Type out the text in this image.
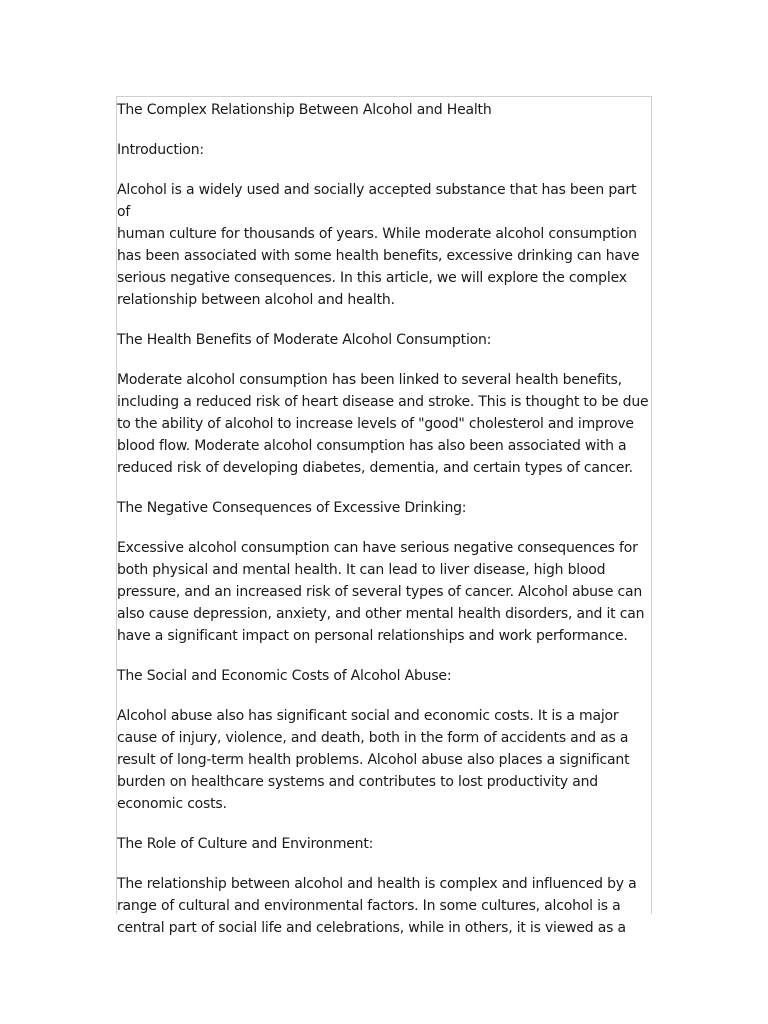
The Complex Relationship Between Alcohol and Health

Introduction:

Alcohol is a widely used and socially accepted substance that has been part of
human culture for thousands of years. While moderate alcohol consumption
has been associated with some health benefits, excessive drinking can have
serious negative consequences. In this article, we will explore the complex
relationship between alcohol and health.

The Health Benefits of Moderate Alcohol Consumption:

Moderate alcohol consumption has been linked to several health benefits,
including a reduced risk of heart disease and stroke. This is thought to be due
to the ability of alcohol to increase levels of "good" cholesterol and improve
blood flow. Moderate alcohol consumption has also been associated with a
reduced risk of developing diabetes, dementia, and certain types of cancer.

The Negative Consequences of Excessive Drinking:

Excessive alcohol consumption can have serious negative consequences for
both physical and mental health. It can lead to liver disease, high blood
pressure, and an increased risk of several types of cancer. Alcohol abuse can
also cause depression, anxiety, and other mental health disorders, and it can
have a significant impact on personal relationships and work performance.

The Social and Economic Costs of Alcohol Abuse:

Alcohol abuse also has significant social and economic costs. It is a major
cause of injury, violence, and death, both in the form of accidents and as a
result of long-term health problems. Alcohol abuse also places a significant
burden on healthcare systems and contributes to lost productivity and
economic costs.

The Role of Culture and Environment:

The relationship between alcohol and health is complex and influenced by a
range of cultural and environmental factors. In some cultures, alcohol is a
central part of social life and celebrations, while in others, it is viewed as a
